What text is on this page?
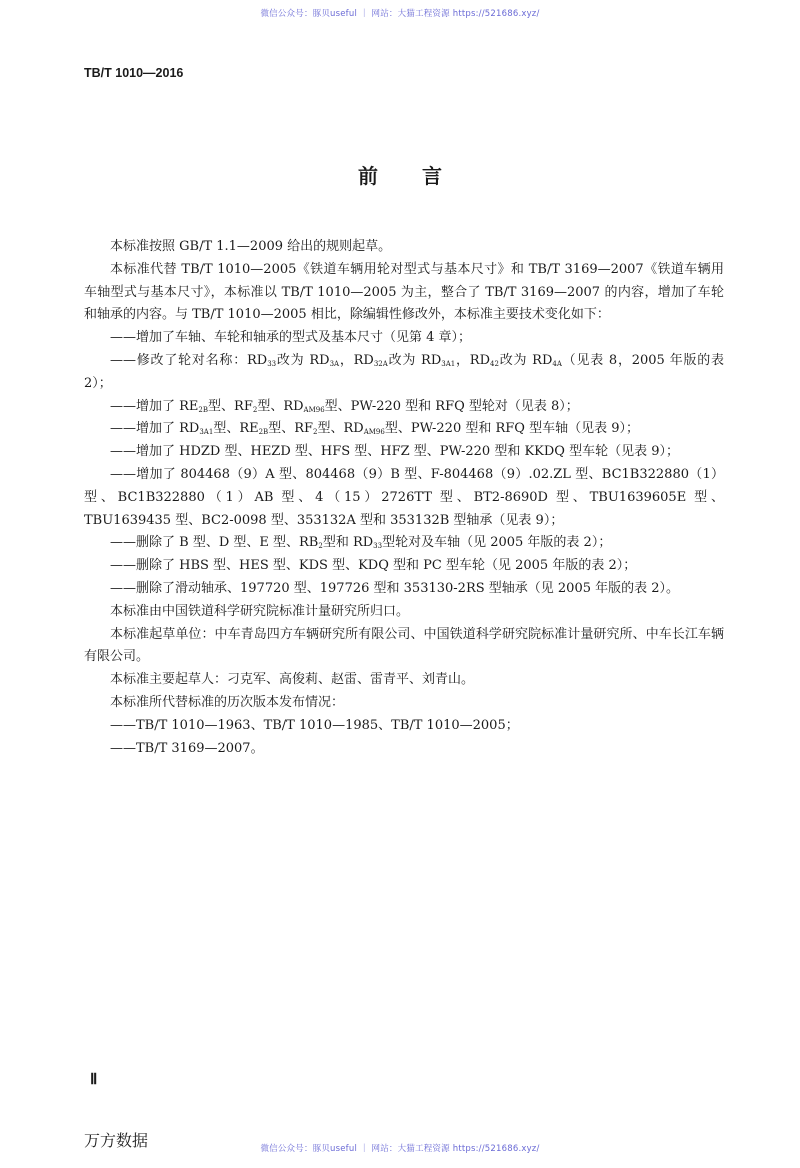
微信公众号：豚贝useful ｜ 网站：大猫工程资源 https://521686.xyz/
TB/T 1010—2016
前言

本标准按照 GB/T 1.1—2009 给出的规则起草。

本标准代替 TB/T 1010—2005《铁道车辆用轮对型式与基本尺寸》和 TB/T 3169—2007《铁道车辆用车轴型式与基本尺寸》，本标准以 TB/T 1010—2005 为主，整合了 TB/T 3169—2007 的内容，增加了车轮和轴承的内容。与 TB/T 1010—2005 相比，除编辑性修改外，本标准主要技术变化如下：

——增加了车轴、车轮和轴承的型式及基本尺寸（见第 4 章）；

——修改了轮对名称：$RD_{33}$改为 $RD_{3A}$，$RD_{32A}$改为 $RD_{3A1}$，$RD_{42}$改为 $RD_{4A}$（见表 8，2005 年版的表 2）；

——增加了 $RE_{2B}$型、$RF_2$型、$RD_{AM96}$型、PW-220 型和 RFQ 型轮对（见表 8）；

——增加了 $RD_{3A1}$型、$RE_{2B}$型、$RF_2$型、$RD_{AM96}$型、PW-220 型和 RFQ 型车轴（见表 9）；

——增加了 HDZD 型、HEZD 型、HFS 型、HFZ 型、PW-220 型和 KKDQ 型车轮（见表 9）；

——增加了 804468（9）A 型、804468（9）B 型、F-804468（9）.02.ZL 型、BC1B322880（1）型、BC1B322880（1）AB 型、4（15）2726TT 型、BT2-8690D 型、TBU1639605E 型、TBU1639435 型、BC2-0098 型、353132A 型和 353132B 型轴承（见表 9）；

——删除了 B 型、D 型、E 型、$RB_2$型和 $RD_{33}$型轮对及车轴（见 2005 年版的表 2）；

——删除了 HBS 型、HES 型、KDS 型、KDQ 型和 PC 型车轮（见 2005 年版的表 2）；

——删除了滑动轴承、197720 型、197726 型和 353130-2RS 型轴承（见 2005 年版的表 2）。

本标准由中国铁道科学研究院标准计量研究所归口。

本标准起草单位：中车青岛四方车辆研究所有限公司、中国铁道科学研究院标准计量研究所、中车长江车辆有限公司。

本标准主要起草人：刁克军、高俊莉、赵雷、雷青平、刘青山。

本标准所代替标准的历次版本发布情况：

——TB/T 1010—1963、TB/T 1010—1985、TB/T 1010—2005；

——TB/T 3169—2007。

Ⅱ
万方数据	微信公众号：豚贝useful ｜ 网站：大猫工程资源 https://521686.xyz/
